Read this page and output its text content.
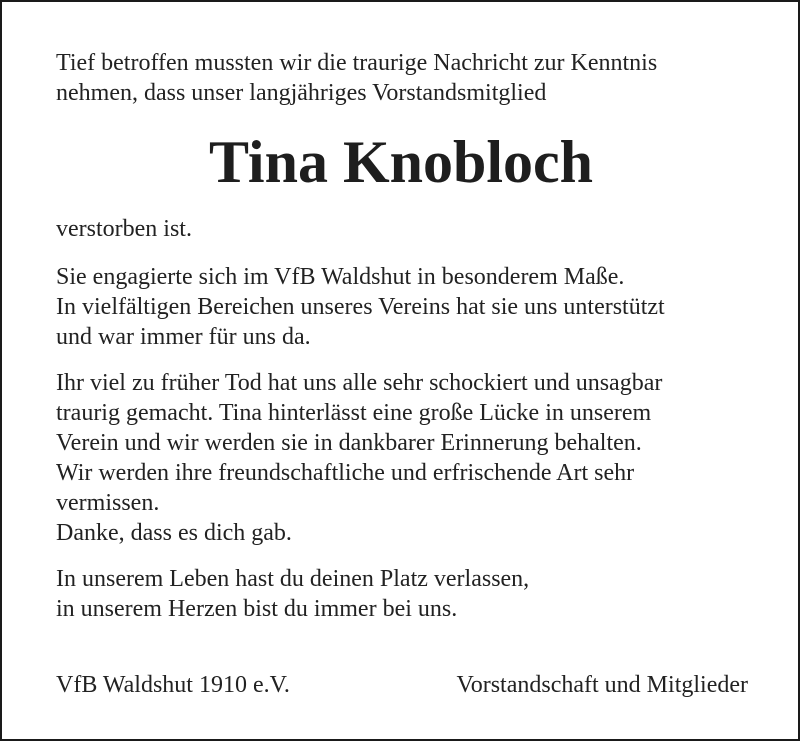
Tief betroffen mussten wir die traurige Nachricht zur Kenntnis
nehmen, dass unser langjähriges Vorstandsmitglied
Tina Knobloch

verstorben ist.

Sie engagierte sich im VfB Waldshut in besonderem Maße.
In vielfältigen Bereichen unseres Vereins hat sie uns unterstützt
und war immer für uns da.
Ihr viel zu früher Tod hat uns alle sehr schockiert und unsagbar
traurig gemacht. Tina hinterlässt eine große Lücke in unserem
Verein und wir werden sie in dankbarer Erinnerung behalten.
Wir werden ihre freundschaftliche und erfrischende Art sehr
vermissen.
Danke, dass es dich gab.
In unserem Leben hast du deinen Platz verlassen,
in unserem Herzen bist du immer bei uns.
VfB Waldshut 1910 e.V.	Vorstandschaft und Mitglieder
